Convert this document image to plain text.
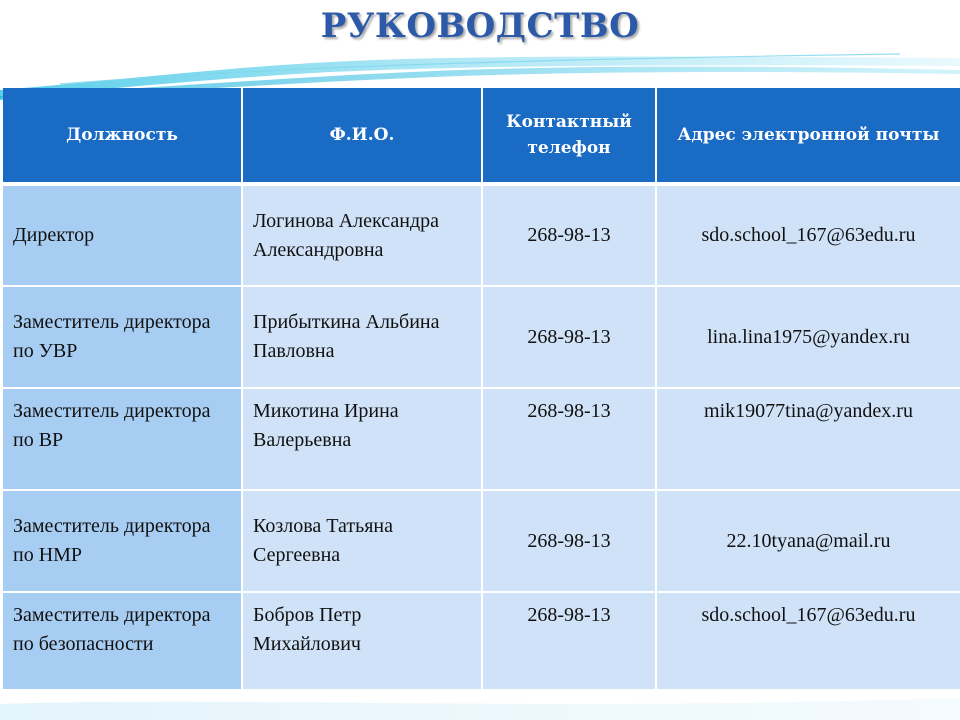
РУКОВОДСТВО
Должность	Ф.И.О.	Контактный телефон	Адрес электронной почты
Директор	Логинова Александра Александровна	268-98-13	sdo.school_167@63edu.ru
Заместитель директора по УВР	Прибыткина Альбина Павловна	268-98-13	lina.lina1975@yandex.ru
Заместитель директора по ВР	Микотина Ирина Валерьевна	268-98-13	mik19077tina@yandex.ru
Заместитель директора по НМР	Козлова Татьяна Сергеевна	268-98-13	22.10tyana@mail.ru
Заместитель директора по безопасности	Бобров Петр Михайлович	268-98-13	sdo.school_167@63edu.ru
